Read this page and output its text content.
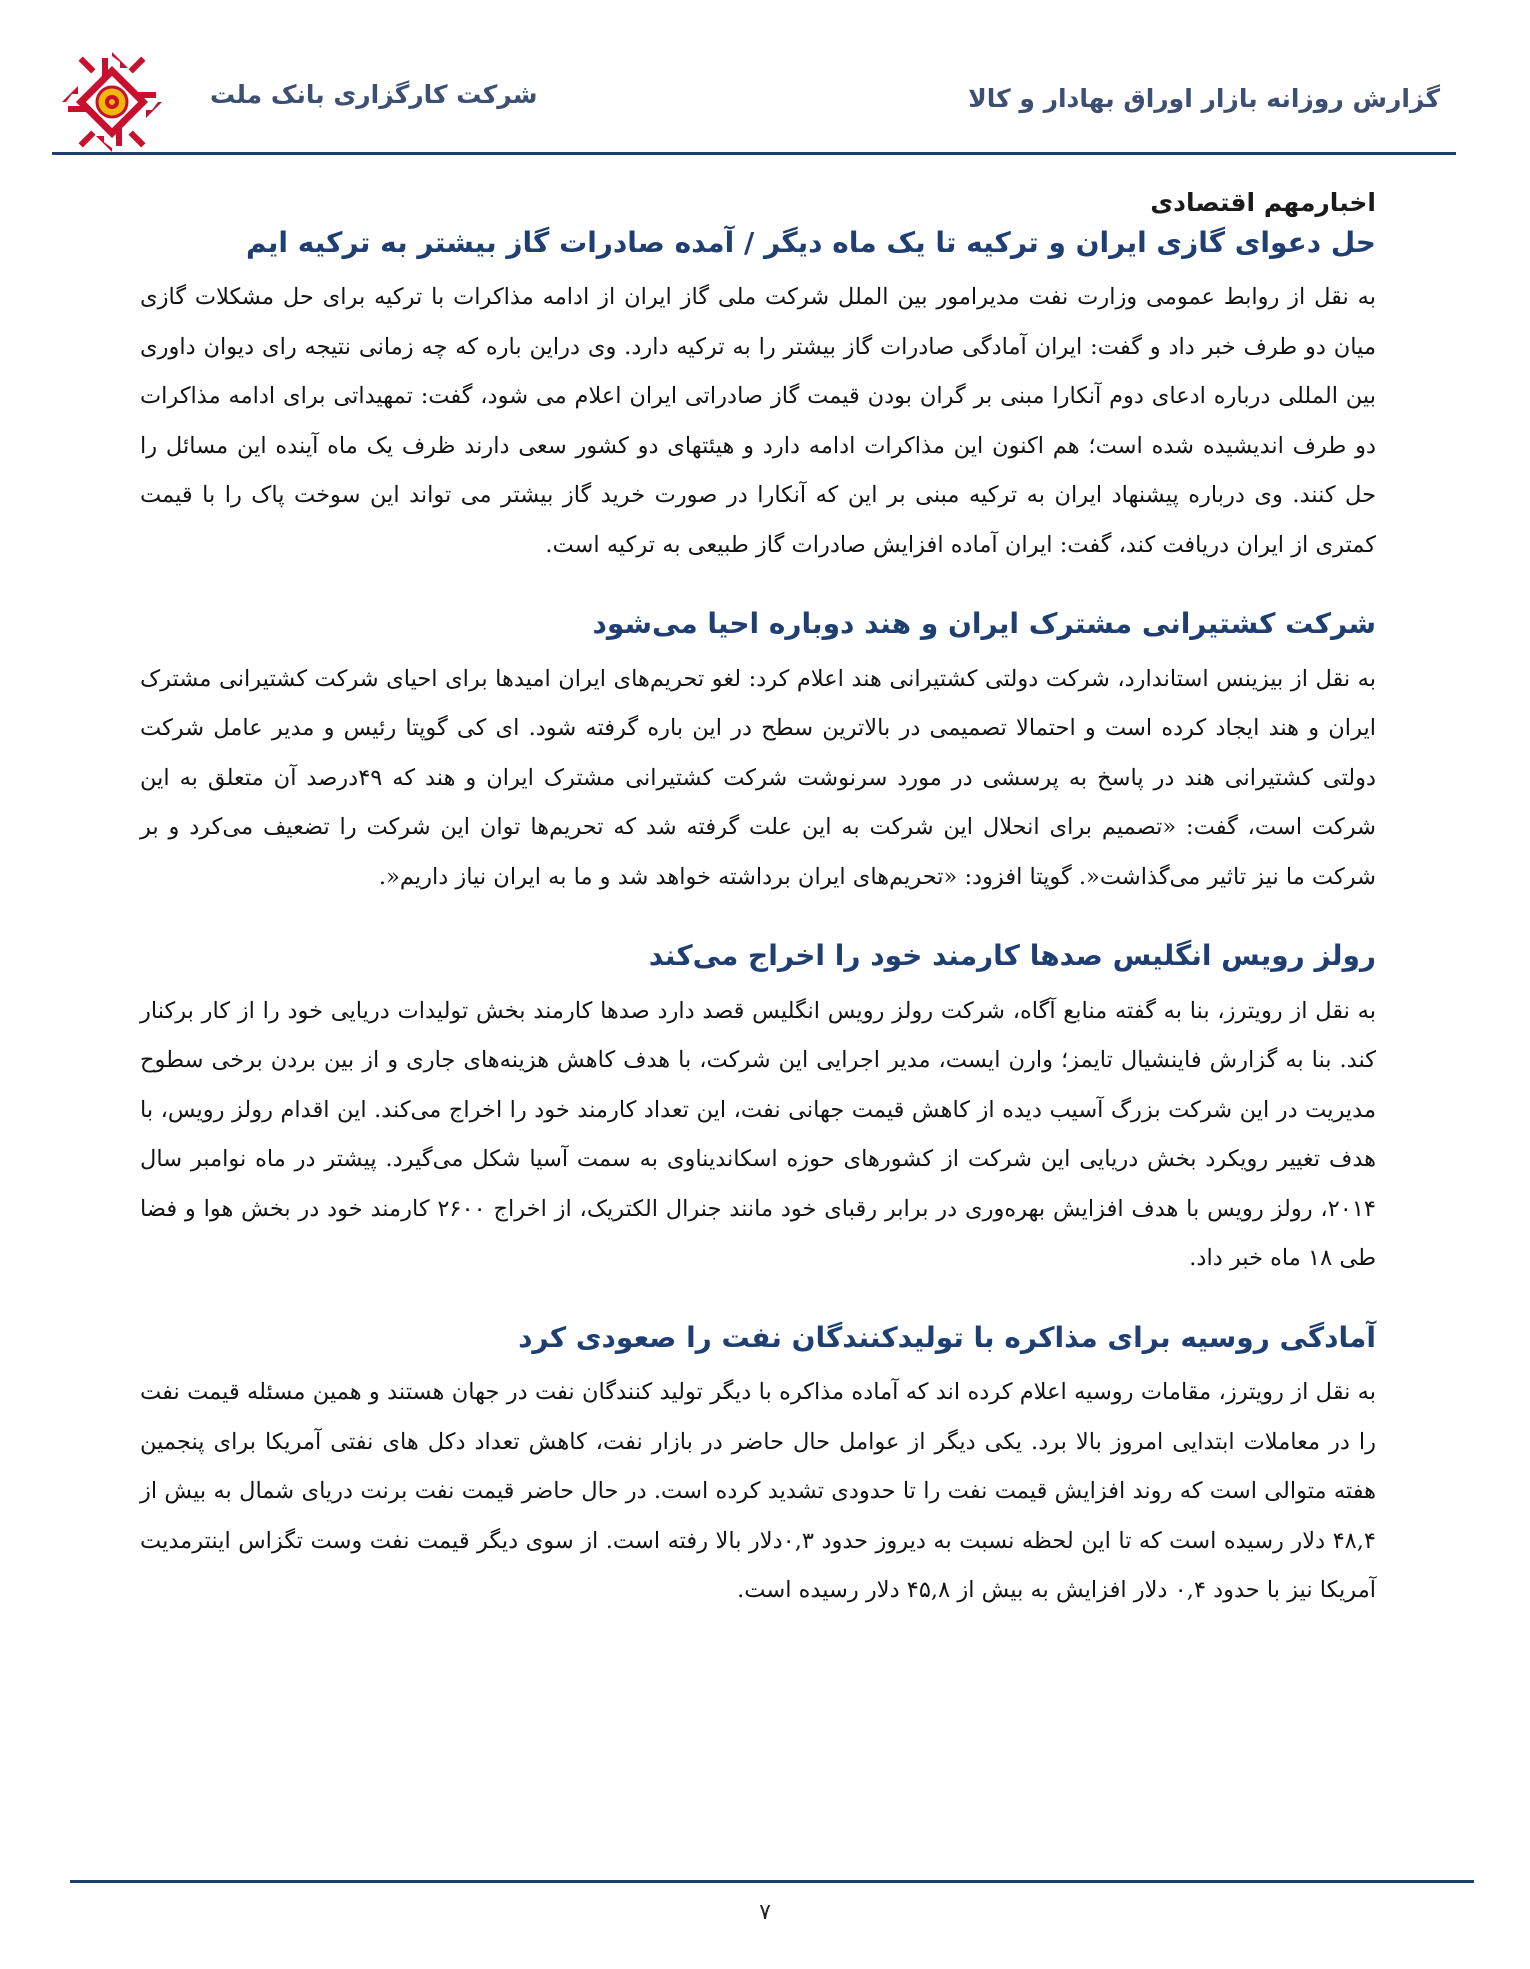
شرکت کارگزاری بانک ملت	گزارش روزانه بازار اوراق بهادار و کالا
اخبارمهم اقتصادی
حل دعوای گازی ایران و ترکیه تا یک ماه دیگر / آمده صادرات گاز بیشتر به ترکیه ایم

به نقل از روابط عمومی وزارت نفت مدیرامور بین الملل شرکت ملی گاز ایران از ادامه مذاکرات با ترکیه برای حل مشکلات گازی میان دو طرف خبر داد و گفت: ایران آمادگی صادرات گاز بیشتر را به ترکیه دارد. وی دراین باره که چه زمانی نتیجه رای دیوان داوری بین المللی درباره ادعای دوم آنکارا مبنی بر گران بودن قیمت گاز صادراتی ایران اعلام می شود، گفت: تمهیداتی برای ادامه مذاکرات دو طرف اندیشیده شده است؛ هم اکنون این مذاکرات ادامه دارد و هیئتهای دو کشور سعی دارند ظرف یک ماه آینده این مسائل را حل کنند. وی درباره پیشنهاد ایران به ترکیه مبنی بر این که آنکارا در صورت خرید گاز بیشتر می تواند این سوخت پاک را با قیمت کمتری از ایران دریافت کند، گفت: ایران آماده افزایش صادرات گاز طبیعی به ترکیه است.

شرکت کشتیرانی مشترک ایران و هند دوباره احیا می‌شود

به نقل از بیزینس استاندارد، شرکت دولتی کشتیرانی هند اعلام کرد: لغو تحریم‌های ایران امیدها برای احیای شرکت کشتیرانی مشترک ایران و هند ایجاد کرده است و احتمالا تصمیمی در بالاترین سطح در این باره گرفته شود. ای کی گوپتا رئیس و مدیر عامل شرکت دولتی کشتیرانی هند در پاسخ به پرسشی در مورد سرنوشت شرکت کشتیرانی مشترک ایران و هند که ۴۹درصد آن متعلق به این شرکت است، گفت: «تصمیم برای انحلال این شرکت به این علت گرفته شد که تحریم‌ها توان این شرکت را تضعیف می‌کرد و بر شرکت ما نیز تاثیر می‌گذاشت«. گوپتا افزود: «تحریم‌های ایران برداشته خواهد شد و ما به ایران نیاز داریم«.

رولز رویس انگلیس صدها کارمند خود را اخراج می‌کند

به نقل از رویترز، بنا به گفته منابع آگاه، شرکت رولز رویس انگلیس قصد دارد صدها کارمند بخش تولیدات دریایی خود را از کار برکنار کند. بنا به گزارش فاینشیال تایمز؛ وارن ایست، مدیر اجرایی این شرکت، با هدف کاهش هزینه‌های جاری و از بین بردن برخی سطوح مدیریت در این شرکت بزرگ آسیب دیده از کاهش قیمت جهانی نفت، این تعداد کارمند خود را اخراج می‌کند. این اقدام رولز رویس، با هدف تغییر رویکرد بخش دریایی این شرکت از کشورهای حوزه اسکاندیناوی به سمت آسیا شکل می‌گیرد. پیشتر در ماه نوامبر سال ۲۰۱۴، رولز رویس با هدف افزایش بهره‌وری در برابر رقبای خود مانند جنرال الکتریک، از اخراج ۲۶۰۰ کارمند خود در بخش هوا و فضا طی ۱۸ ماه خبر داد.

آمادگی روسیه برای مذاکره با تولیدکنندگان نفت را صعودی کرد

به نقل از رویترز، مقامات روسیه اعلام کرده اند که آماده مذاکره با دیگر تولید کنندگان نفت در جهان هستند و همین مسئله قیمت نفت را در معاملات ابتدایی امروز بالا برد. یکی دیگر از عوامل حال حاضر در بازار نفت، کاهش تعداد دکل های نفتی آمریکا برای پنجمین هفته متوالی است که روند افزایش قیمت نفت را تا حدودی تشدید کرده است. در حال حاضر قیمت نفت برنت دریای شمال به بیش از ۴۸,۴ دلار رسیده است که تا این لحظه نسبت به دیروز حدود ۰,۳دلار بالا رفته است. از سوی دیگر قیمت نفت وست تگزاس اینترمدیت آمریکا نیز با حدود ۰,۴ دلار افزایش به بیش از ۴۵,۸ دلار رسیده است.

۷
